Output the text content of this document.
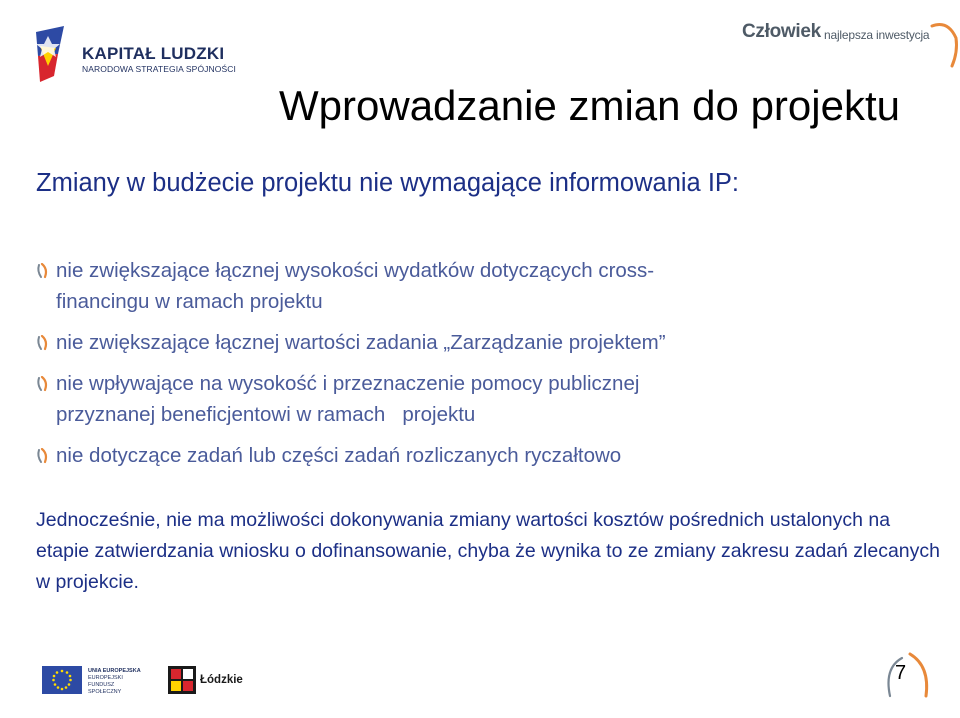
KAPITAŁ LUDZKI
NARODOWA STRATEGIA SPÓJNOŚCI
Człowiek najlepsza inwestycja
Wprowadzanie zmian do projektu
Zmiany w budżecie projektu nie wymagające informowania IP:
nie zwiększające łącznej wysokości wydatków dotyczących cross-
financingu w ramach projektu
nie zwiększające łącznej wartości zadania „Zarządzanie projektem”
nie wpływające na wysokość i przeznaczenie pomocy publicznej
przyznanej beneficjentowi w ramach   projektu
nie dotyczące zadań lub części zadań rozliczanych ryczałtowo
Jednocześnie, nie ma możliwości dokonywania zmiany wartości kosztów pośrednich ustalonych na etapie zatwierdzania wniosku o dofinansowanie, chyba że wynika to ze zmiany zakresu zadań zlecanych w projekcie.
UNIA EUROPEJSKA
EUROPEJSKI
FUNDUSZ SPOŁECZNY
Łódzkie	7
